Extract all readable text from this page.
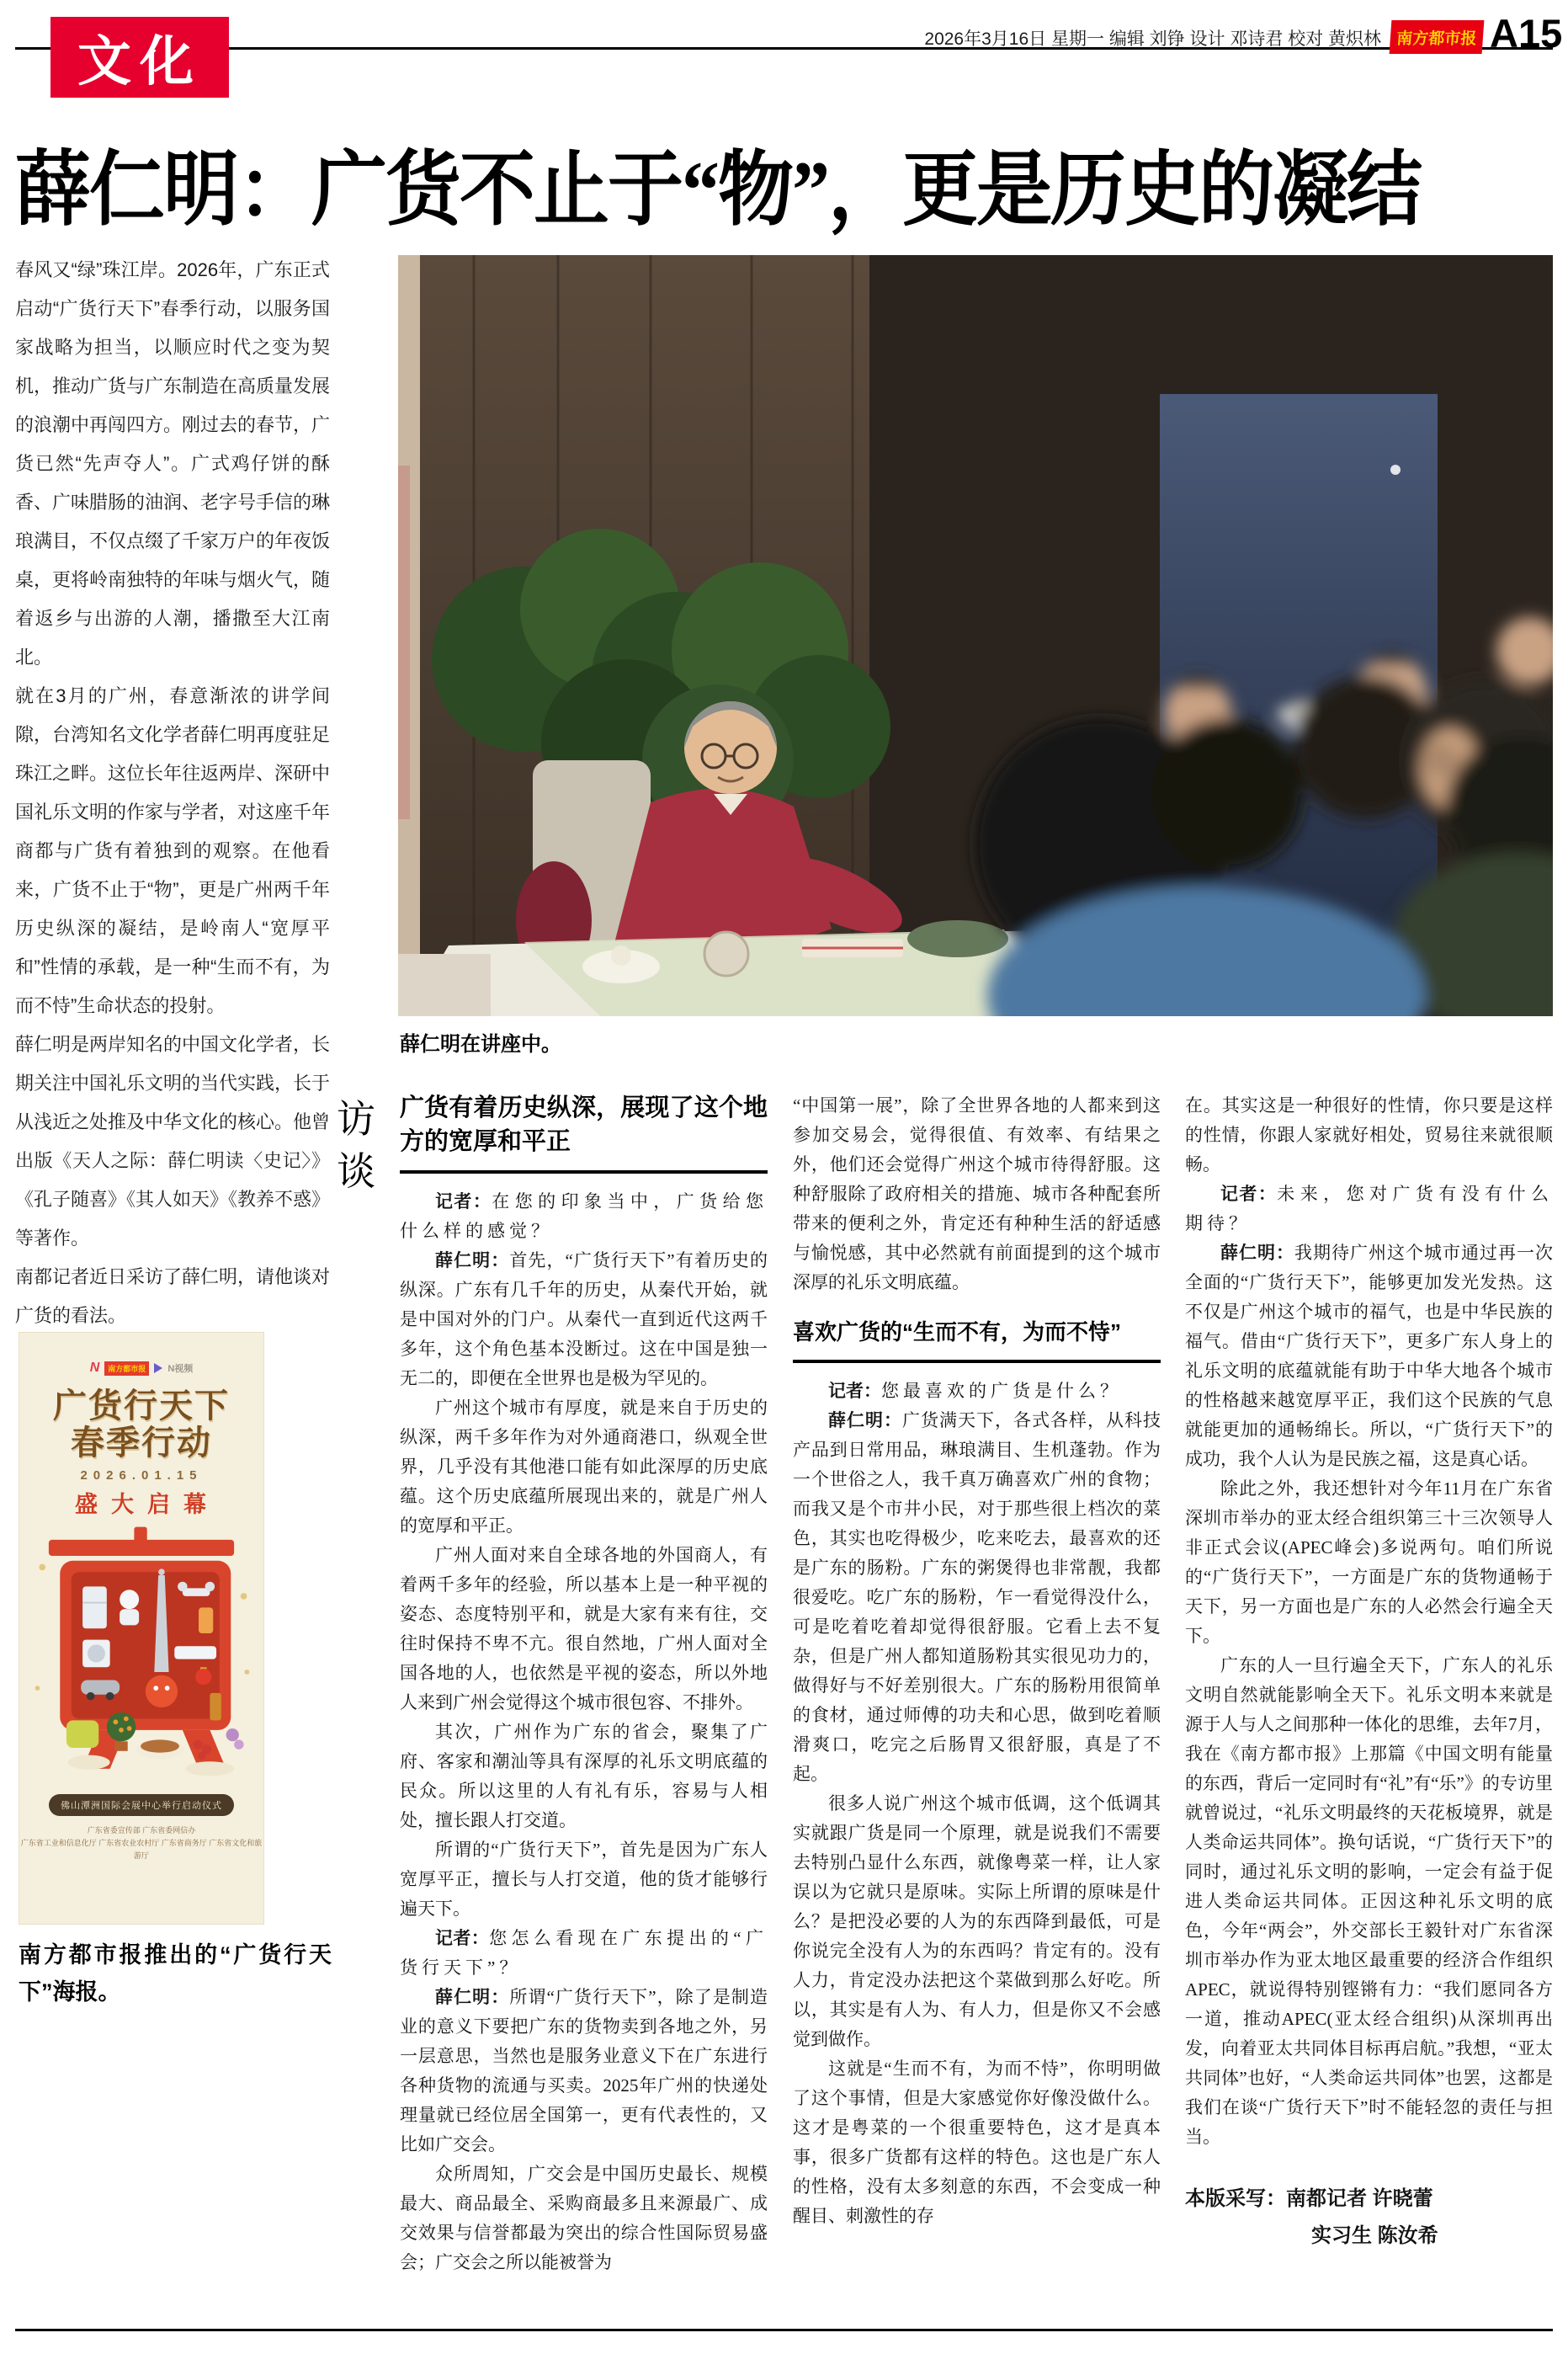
文化	2026年3月16日 星期一 编辑 刘铮 设计 邓诗君 校对 黄炽林 南方都市报 A15
薛仁明：广货不止于“物”，更是历史的凝结

春风又“绿”珠江岸。2026年，广东正式启动“广货行天下”春季行动，以服务国家战略为担当，以顺应时代之变为契机，推动广货与广东制造在高质量发展的浪潮中再闯四方。刚过去的春节，广货已然“先声夺人”。广式鸡仔饼的酥香、广味腊肠的油润、老字号手信的琳琅满目，不仅点缀了千家万户的年夜饭桌，更将岭南独特的年味与烟火气，随着返乡与出游的人潮，播撒至大江南北。

就在3月的广州，春意渐浓的讲学间隙，台湾知名文化学者薛仁明再度驻足珠江之畔。这位长年往返两岸、深研中国礼乐文明的作家与学者，对这座千年商都与广货有着独到的观察。在他看来，广货不止于“物”，更是广州两千年历史纵深的凝结，是岭南人“宽厚平和”性情的承载，是一种“生而不有，为而不恃”生命状态的投射。

薛仁明是两岸知名的中国文化学者，长期关注中国礼乐文明的当代实践，长于从浅近之处推及中华文化的核心。他曾出版《天人之际：薛仁明读〈史记〉》《孔子随喜》《其人如天》《教养不惑》等著作。

南都记者近日采访了薛仁明，请他谈对广货的看法。

N	南方都市报	N视频
广货行天下
春季行动
2026.01.15
盛大启幕
佛山潭洲国际会展中心举行启动仪式
广东省委宣传部 广东省委网信办
广东省工业和信息化厅 广东省农业农村厅 广东省商务厅 广东省文化和旅游厅
南方都市报推出的“广货行天下”海报。
薛仁明在讲座中。
访
谈
广货有着历史纵深，展现了这个地方的宽厚和平正

记者：在您的印象当中，广货给您什么样的感觉？

薛仁明：首先，“广货行天下”有着历史的纵深。广东有几千年的历史，从秦代开始，就是中国对外的门户。从秦代一直到近代这两千多年，这个角色基本没断过。这在中国是独一无二的，即便在全世界也是极为罕见的。

广州这个城市有厚度，就是来自于历史的纵深，两千多年作为对外通商港口，纵观全世界，几乎没有其他港口能有如此深厚的历史底蕴。这个历史底蕴所展现出来的，就是广州人的宽厚和平正。

广州人面对来自全球各地的外国商人，有着两千多年的经验，所以基本上是一种平视的姿态、态度特别平和，就是大家有来有往，交往时保持不卑不亢。很自然地，广州人面对全国各地的人，也依然是平视的姿态，所以外地人来到广州会觉得这个城市很包容、不排外。

其次，广州作为广东的省会，聚集了广府、客家和潮汕等具有深厚的礼乐文明底蕴的民众。所以这里的人有礼有乐，容易与人相处，擅长跟人打交道。

所谓的“广货行天下”，首先是因为广东人宽厚平正，擅长与人打交道，他的货才能够行遍天下。

记者：您怎么看现在广东提出的“广货行天下”？

薛仁明：所谓“广货行天下”，除了是制造业的意义下要把广东的货物卖到各地之外，另一层意思，当然也是服务业意义下在广东进行各种货物的流通与买卖。2025年广州的快递处理量就已经位居全国第一，更有代表性的，又比如广交会。

众所周知，广交会是中国历史最长、规模最大、商品最全、采购商最多且来源最广、成交效果与信誉都最为突出的综合性国际贸易盛会；广交会之所以能被誉为

“中国第一展”，除了全世界各地的人都来到这参加交易会，觉得很值、有效率、有结果之外，他们还会觉得广州这个城市待得舒服。这种舒服除了政府相关的措施、城市各种配套所带来的便利之外，肯定还有种种生活的舒适感与愉悦感，其中必然就有前面提到的这个城市深厚的礼乐文明底蕴。

喜欢广货的“生而不有，为而不恃”

记者：您最喜欢的广货是什么？

薛仁明：广货满天下，各式各样，从科技产品到日常用品，琳琅满目、生机蓬勃。作为一个世俗之人，我千真万确喜欢广州的食物；而我又是个市井小民，对于那些很上档次的菜色，其实也吃得极少，吃来吃去，最喜欢的还是广东的肠粉。广东的粥煲得也非常靓，我都很爱吃。吃广东的肠粉，乍一看觉得没什么，可是吃着吃着却觉得很舒服。它看上去不复杂，但是广州人都知道肠粉其实很见功力的，做得好与不好差别很大。广东的肠粉用很简单的食材，通过师傅的功夫和心思，做到吃着顺滑爽口，吃完之后肠胃又很舒服，真是了不起。

很多人说广州这个城市低调，这个低调其实就跟广货是同一个原理，就是说我们不需要去特别凸显什么东西，就像粤菜一样，让人家误以为它就只是原味。实际上所谓的原味是什么？是把没必要的人为的东西降到最低，可是你说完全没有人为的东西吗？肯定有的。没有人力，肯定没办法把这个菜做到那么好吃。所以，其实是有人为、有人力，但是你又不会感觉到做作。

这就是“生而不有，为而不恃”，你明明做了这个事情，但是大家感觉你好像没做什么。这才是粤菜的一个很重要特色，这才是真本事，很多广货都有这样的特色。这也是广东人的性格，没有太多刻意的东西，不会变成一种醒目、刺激性的存

在。其实这是一种很好的性情，你只要是这样的性情，你跟人家就好相处，贸易往来就很顺畅。

记者：未来，您对广货有没有什么期待？

薛仁明：我期待广州这个城市通过再一次全面的“广货行天下”，能够更加发光发热。这不仅是广州这个城市的福气，也是中华民族的福气。借由“广货行天下”，更多广东人身上的礼乐文明的底蕴就能有助于中华大地各个城市的性格越来越宽厚平正，我们这个民族的气息就能更加的通畅绵长。所以，“广货行天下”的成功，我个人认为是民族之福，这是真心话。

除此之外，我还想针对今年11月在广东省深圳市举办的亚太经合组织第三十三次领导人非正式会议(APEC峰会)多说两句。咱们所说的“广货行天下”，一方面是广东的货物通畅于天下，另一方面也是广东的人必然会行遍全天下。

广东的人一旦行遍全天下，广东人的礼乐文明自然就能影响全天下。礼乐文明本来就是源于人与人之间那种一体化的思维，去年7月，我在《南方都市报》上那篇《中国文明有能量的东西，背后一定同时有“礼”有“乐”》的专访里就曾说过，“礼乐文明最终的天花板境界，就是人类命运共同体”。换句话说，“广货行天下”的同时，通过礼乐文明的影响，一定会有益于促进人类命运共同体。正因这种礼乐文明的底色，今年“两会”，外交部长王毅针对广东省深圳市举办作为亚太地区最重要的经济合作组织APEC，就说得特别铿锵有力：“我们愿同各方一道，推动APEC(亚太经合组织)从深圳再出发，向着亚太共同体目标再启航。”我想，“亚太共同体”也好，“人类命运共同体”也罢，这都是我们在谈“广货行天下”时不能轻忽的责任与担当。

本版采写：南都记者 许晓蕾
实习生 陈汝希
